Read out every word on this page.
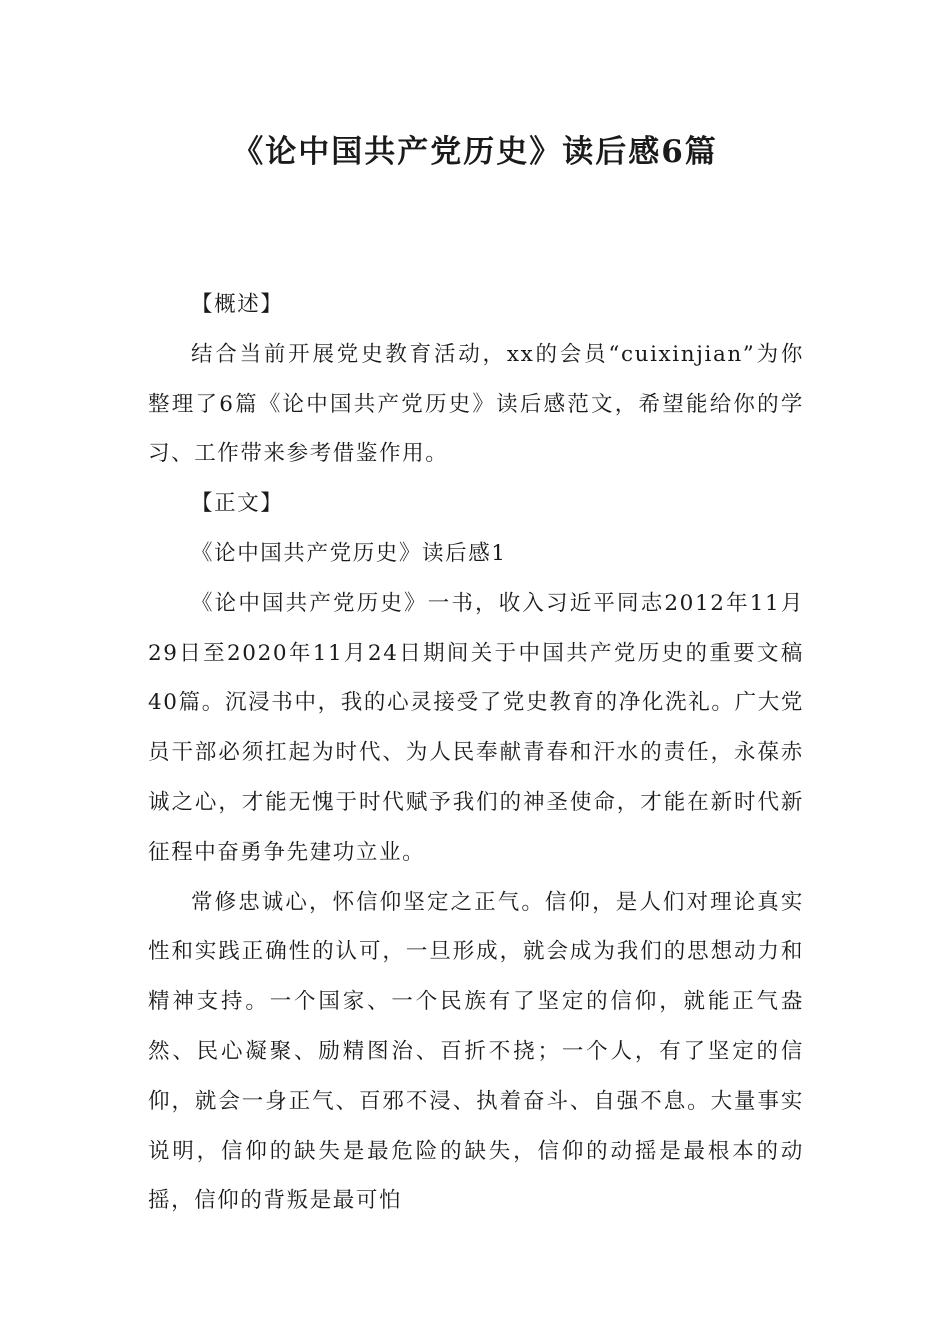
《论中国共产党历史》读后感6篇

【概述】

结合当前开展党史教育活动，xx的会员“cuixinjian”为你整理了6篇《论中国共产党历史》读后感范文，希望能给你的学习、工作带来参考借鉴作用。

【正文】

《论中国共产党历史》读后感1

《论中国共产党历史》一书，收入习近平同志2012年11月29日至2020年11月24日期间关于中国共产党历史的重要文稿40篇。沉浸书中，我的心灵接受了党史教育的净化洗礼。广大党员干部必须扛起为时代、为人民奉献青春和汗水的责任，永葆赤诚之心，才能无愧于时代赋予我们的神圣使命，才能在新时代新征程中奋勇争先建功立业。

常修忠诚心，怀信仰坚定之正气。信仰，是人们对理论真实性和实践正确性的认可，一旦形成，就会成为我们的思想动力和精神支持。一个国家、一个民族有了坚定的信仰，就能正气盎然、民心凝聚、励精图治、百折不挠；一个人，有了坚定的信仰，就会一身正气、百邪不浸、执着奋斗、自强不息。大量事实说明，信仰的缺失是最危险的缺失，信仰的动摇是最根本的动摇，信仰的背叛是最可怕
